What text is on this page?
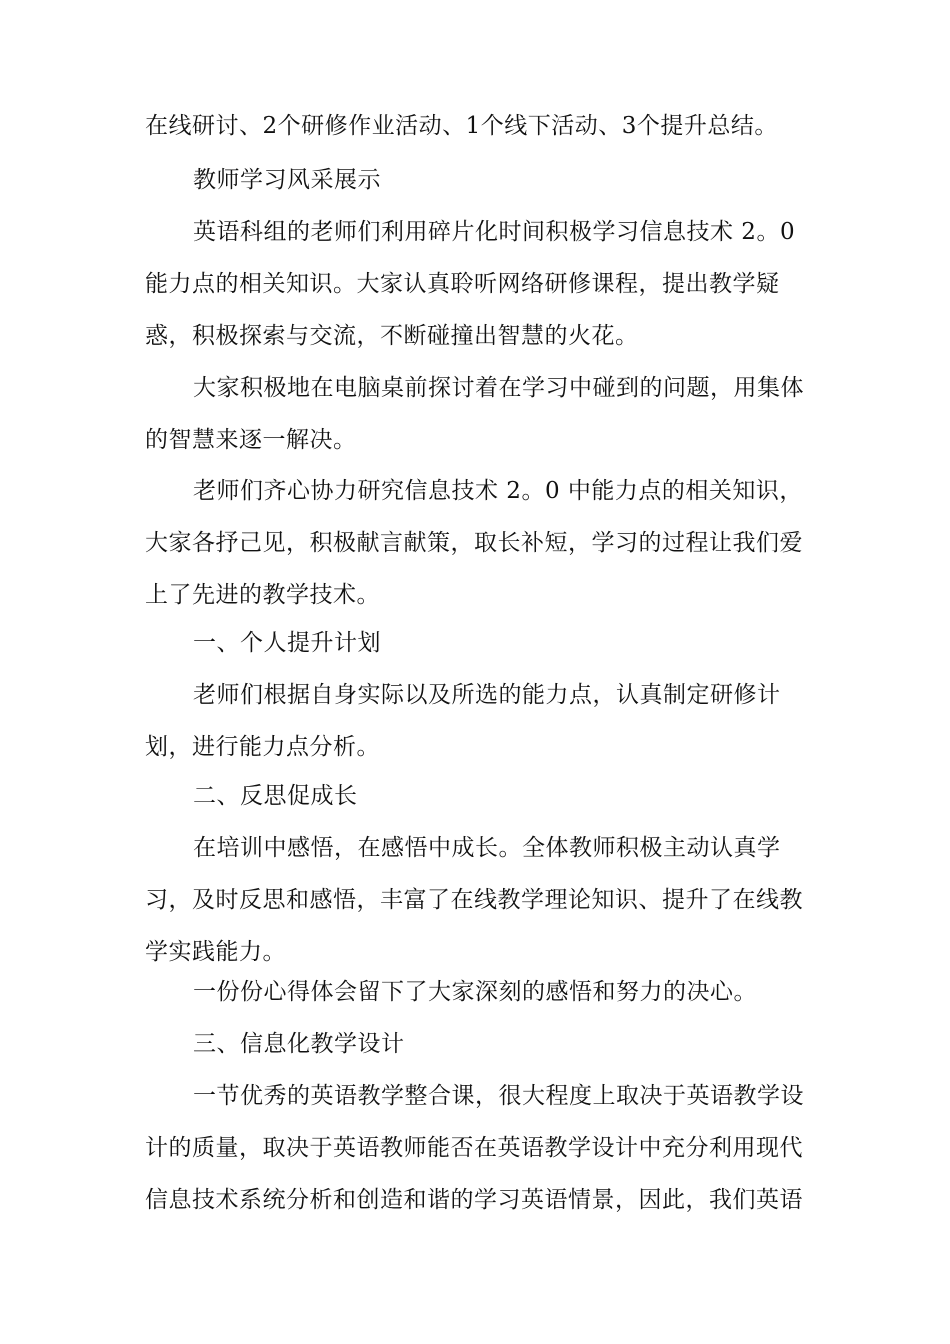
在线研讨、2个研修作业活动、1个线下活动、3个提升总结。

教师学习风采展示

英语科组的老师们利用碎片化时间积极学习信息技术 2。0 能力点的相关知识。大家认真聆听网络研修课程，提出教学疑惑，积极探索与交流，不断碰撞出智慧的火花。

大家积极地在电脑桌前探讨着在学习中碰到的问题，用集体的智慧来逐一解决。

老师们齐心协力研究信息技术 2。0 中能力点的相关知识，大家各抒己见，积极献言献策，取长补短，学习的过程让我们爱上了先进的教学技术。

一、个人提升计划

老师们根据自身实际以及所选的能力点，认真制定研修计划，进行能力点分析。

二、反思促成长

在培训中感悟，在感悟中成长。全体教师积极主动认真学习，及时反思和感悟，丰富了在线教学理论知识、提升了在线教学实践能力。

一份份心得体会留下了大家深刻的感悟和努力的决心。

三、信息化教学设计

一节优秀的英语教学整合课，很大程度上取决于英语教学设计的质量，取决于英语教师能否在英语教学设计中充分利用现代信息技术系统分析和创造和谐的学习英语情景，因此，我们英语
